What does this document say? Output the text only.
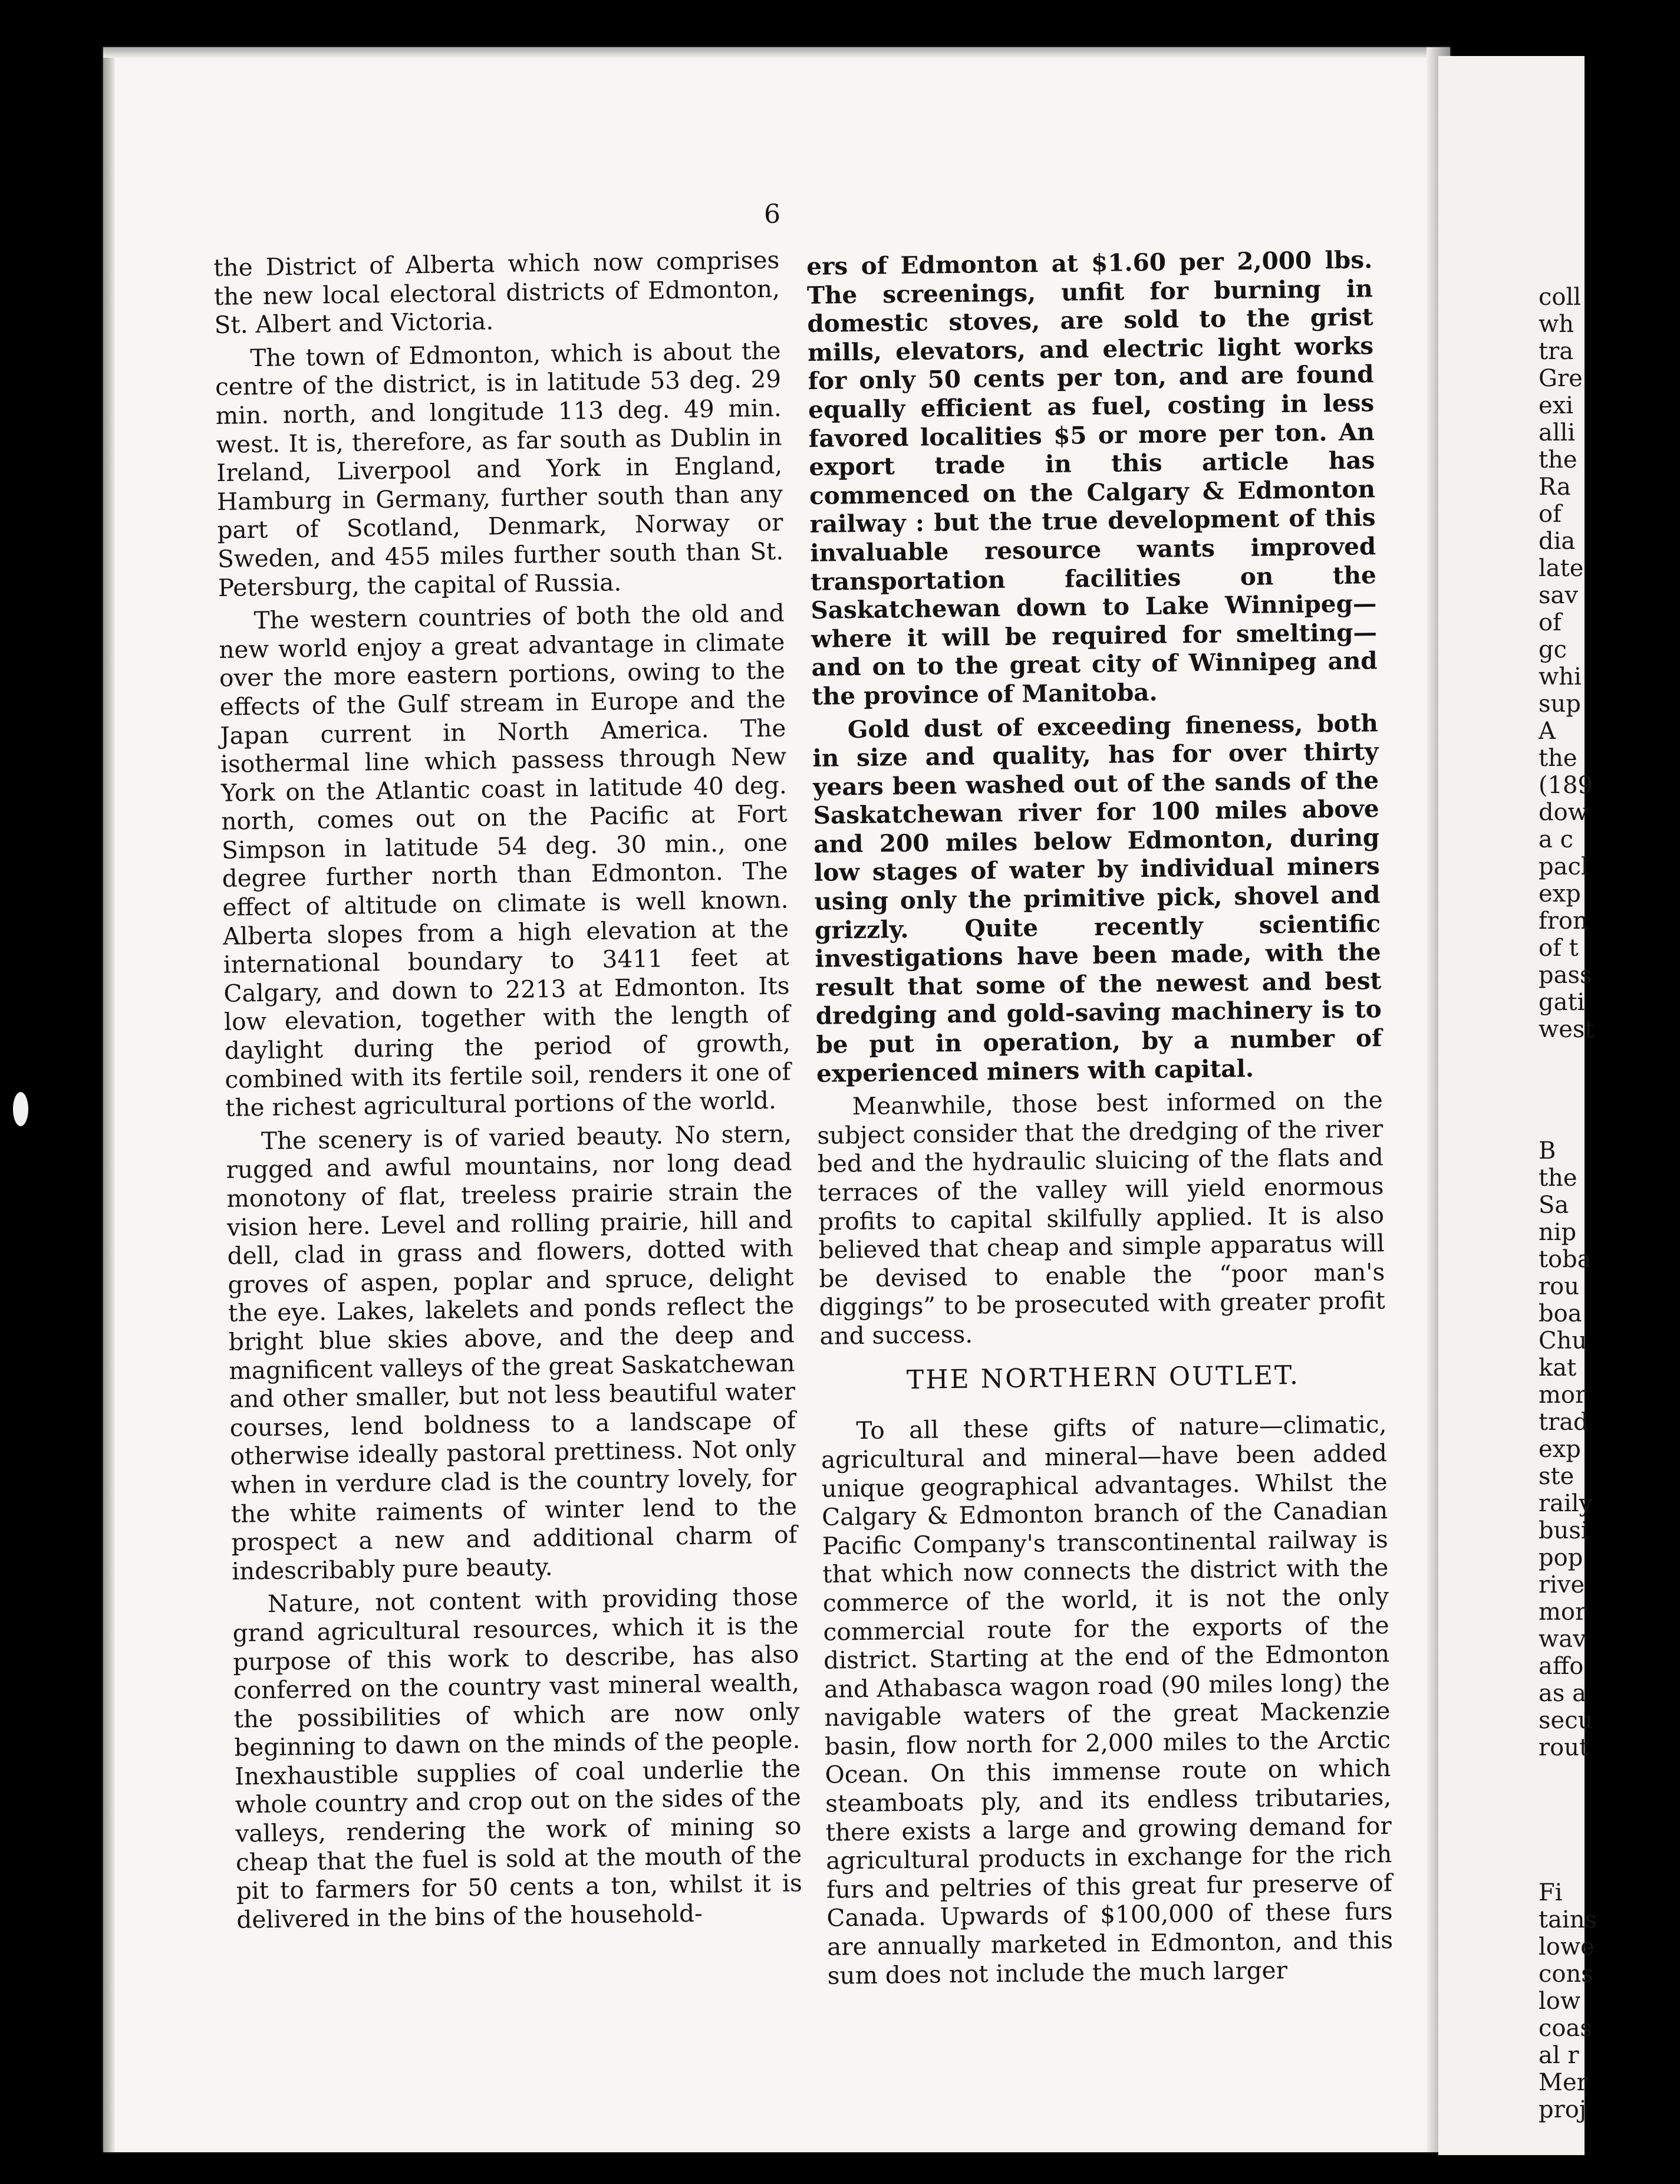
6

the District of Alberta which now comprises the new local electoral districts of Edmonton, St. Albert and Victoria.

The town of Edmonton, which is about the centre of the district, is in latitude 53 deg. 29 min. north, and longitude 113 deg. 49 min. west. It is, therefore, as far south as Dublin in Ireland, Liverpool and York in England, Hamburg in Germany, further south than any part of Scotland, Denmark, Norway or Sweden, and 455 miles further south than St. Petersburg, the capital of Russia.

The western countries of both the old and new world enjoy a great advantage in climate over the more eastern portions, owing to the effects of the Gulf stream in Europe and the Japan current in North America. The isothermal line which passess through New York on the Atlantic coast in latitude 40 deg. north, comes out on the Pacific at Fort Simpson in latitude 54 deg. 30 min., one degree further north than Edmonton. The effect of altitude on climate is well known. Alberta slopes from a high elevation at the international boundary to 3411 feet at Calgary, and down to 2213 at Edmonton. Its low elevation, together with the length of daylight during the period of growth, combined with its fertile soil, renders it one of the richest agricultural portions of the world.

The scenery is of varied beauty. No stern, rugged and awful mountains, nor long dead monotony of flat, treeless prairie strain the vision here. Level and rolling prairie, hill and dell, clad in grass and flowers, dotted with groves of aspen, poplar and spruce, delight the eye. Lakes, lakelets and ponds reflect the bright blue skies above, and the deep and magnificent valleys of the great Saskatchewan and other smaller, but not less beautiful water courses, lend boldness to a landscape of otherwise ideally pastoral prettiness. Not only when in verdure clad is the country lovely, for the white raiments of winter lend to the prospect a new and additional charm of indescribably pure beauty.

Nature, not content with providing those grand agricultural resources, which it is the purpose of this work to describe, has also conferred on the country vast mineral wealth, the possibilities of which are now only beginning to dawn on the minds of the people. Inexhaustible supplies of coal underlie the whole country and crop out on the sides of the valleys, rendering the work of mining so cheap that the fuel is sold at the mouth of the pit to farmers for 50 cents a ton, whilst it is delivered in the bins of the household-

ers of Edmonton at $1.60 per 2,000 lbs. The screenings, unfit for burning in domestic stoves, are sold to the grist mills, elevators, and electric light works for only 50 cents per ton, and are found equally efficient as fuel, costing in less favored localities $5 or more per ton. An export trade in this article has commenced on the Calgary & Edmonton railway : but the true development of this invaluable resource wants improved transportation facilities on the Saskatchewan down to Lake Winnipeg—where it will be required for smelting—and on to the great city of Winnipeg and the province of Manitoba.

Gold dust of exceeding fineness, both in size and quality, has for over thirty years been washed out of the sands of the Saskatchewan river for 100 miles above and 200 miles below Edmonton, during low stages of water by individual miners using only the primitive pick, shovel and grizzly. Quite recently scientific investigations have been made, with the result that some of the newest and best dredging and gold-saving machinery is to be put in operation, by a number of experienced miners with capital.

Meanwhile, those best informed on the subject consider that the dredging of the river bed and the hydraulic sluicing of the flats and terraces of the valley will yield enormous profits to capital skilfully applied. It is also believed that cheap and simple apparatus will be devised to enable the “poor man's diggings” to be prosecuted with greater profit and success.

THE NORTHERN OUTLET.

To all these gifts of nature—climatic, agricultural and mineral—have been added unique geographical advantages. Whilst the Calgary & Edmonton branch of the Canadian Pacific Company's transcontinental railway is that which now connects the district with the commerce of the world, it is not the only commercial route for the exports of the district. Starting at the end of the Edmonton and Athabasca wagon road (90 miles long) the navigable waters of the great Mackenzie basin, flow north for 2,000 miles to the Arctic Ocean. On this immense route on which steamboats ply, and its endless tributaries, there exists a large and growing demand for agricultural products in exchange for the rich furs and peltries of this great fur preserve of Canada. Upwards of $100,000 of these furs are annually marketed in Edmonton, and this sum does not include the much larger

coll
wh
tra
Gre
exi
alli
the
Ra
of
dia
late
sav
of
gc
whi
sup
A
the
(189
dow
a c
pacl
exp
fron
of t
pass
gati
west
B
the
Sa
nip
toba
rou
boa
Chu
kat
mor
trad
exp
ste
raily
busi
pop
rive
mor
wav
affo
as a
secu
rout
Fi
tains
lowe
cons
low
coas
al r
Mer
proj
